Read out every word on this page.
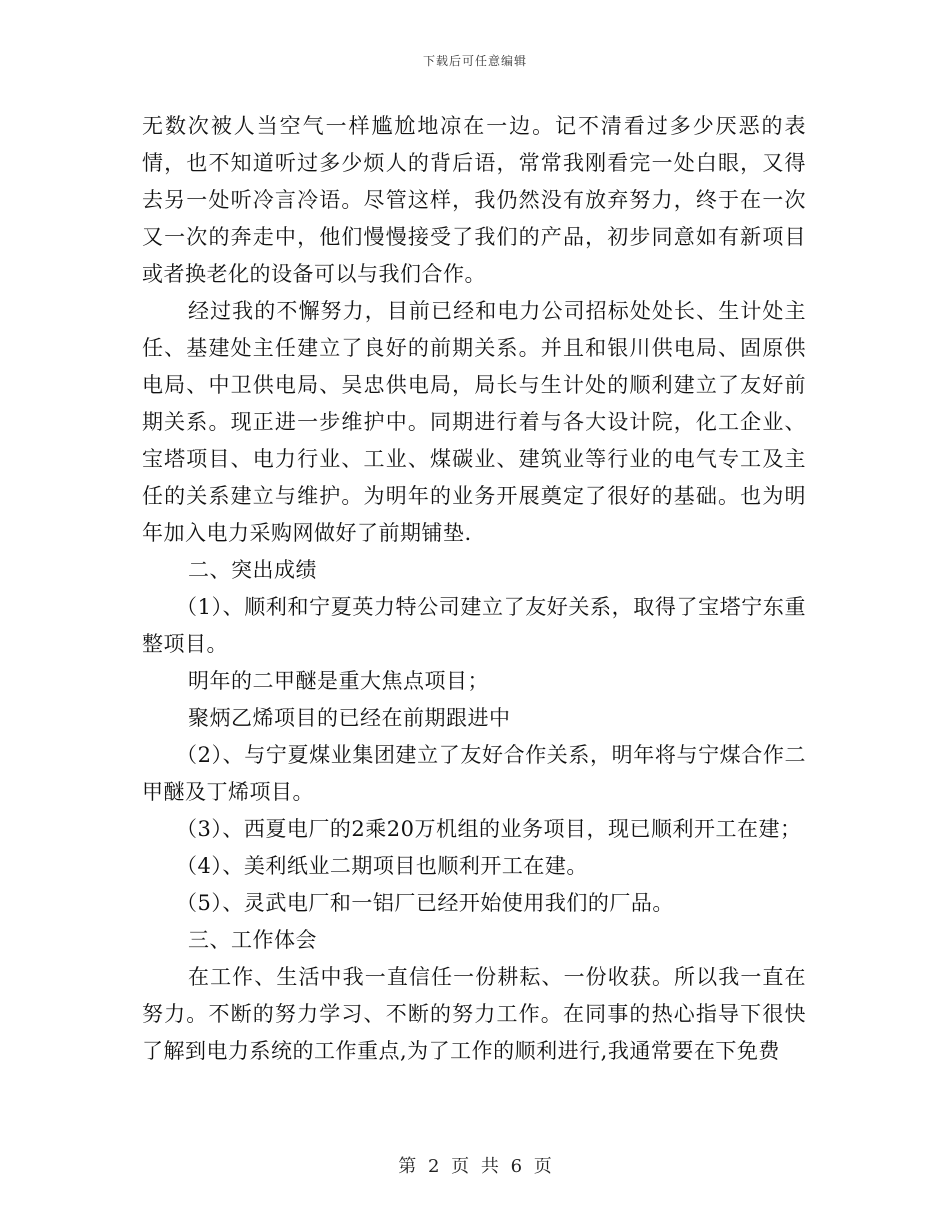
下载后可任意编辑

无数次被人当空气一样尴尬地凉在一边。记不清看过多少厌恶的表情，也不知道听过多少烦人的背后语，常常我刚看完一处白眼，又得去另一处听冷言冷语。尽管这样，我仍然没有放弃努力，终于在一次又一次的奔走中，他们慢慢接受了我们的产品，初步同意如有新项目或者换老化的设备可以与我们合作。

经过我的不懈努力，目前已经和电力公司招标处处长、生计处主任、基建处主任建立了良好的前期关系。并且和银川供电局、固原供电局、中卫供电局、吴忠供电局，局长与生计处的顺利建立了友好前期关系。现正进一步维护中。同期进行着与各大设计院，化工企业、宝塔项目、电力行业、工业、煤碳业、建筑业等行业的电气专工及主任的关系建立与维护。为明年的业务开展奠定了很好的基础。也为明年加入电力采购网做好了前期铺垫.

二、突出成绩

（1）、顺利和宁夏英力特公司建立了友好关系，取得了宝塔宁东重整项目。

明年的二甲醚是重大焦点项目；

聚炳乙烯项目的已经在前期跟进中

（2）、与宁夏煤业集团建立了友好合作关系，明年将与宁煤合作二甲醚及丁烯项目。

（3）、西夏电厂的2乘20万机组的业务项目，现已顺利开工在建；

（4）、美利纸业二期项目也顺利开工在建。

（5）、灵武电厂和一铝厂已经开始使用我们的厂品。

三、工作体会

在工作、生活中我一直信任一份耕耘、一份收获。所以我一直在努力。不断的努力学习、不断的努力工作。在同事的热心指导下很快了解到电力系统的工作重点,为了工作的顺利进行,我通常要在下免费

第 2 页 共 6 页
